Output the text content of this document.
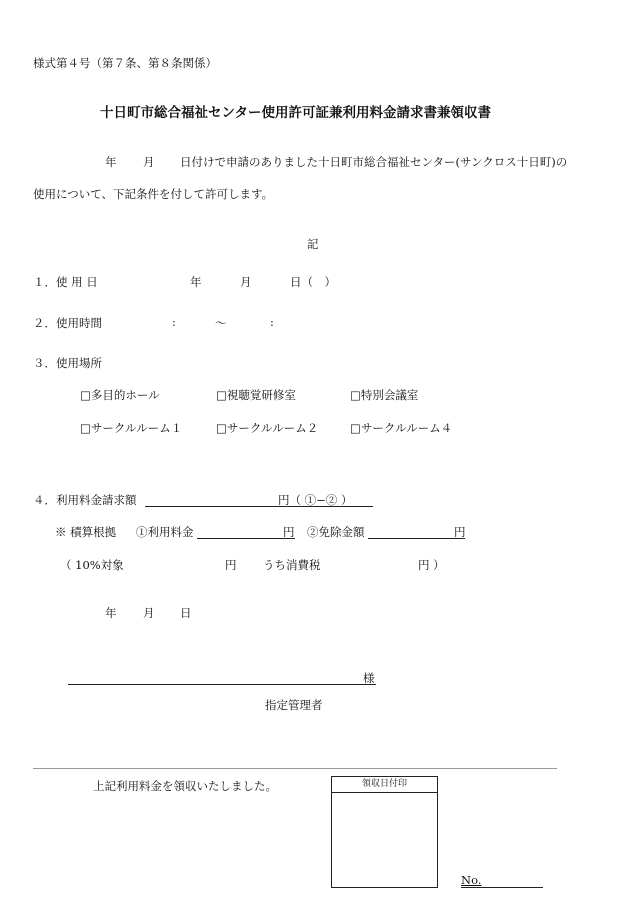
様式第４号（第７条、第８条関係）
十日町市総合福祉センター使用許可証兼利用料金請求書兼領収書
年 月 日付けで申請のありました十日町市総合福祉センター(サンクロス十日町)の
使用について、下記条件を付して許可します。
記
１．使 用 日	年	月	日（　）
２．使用時間	:	〜	:
３．使用場所
□多目的ホール	□視聴覚研修室	□特別会議室
□サークルルーム１	□サークルルーム２	□サークルルーム４
４．利用料金請求額	円（ ①−② ）
※ 積算根拠 ①利用料金	円 ②免除金額	円
（ 10%対象	円 うち消費税	円 ）
年 月 日
様
指定管理者
上記利用料金を領収いたしました。	領収日付印
No.
